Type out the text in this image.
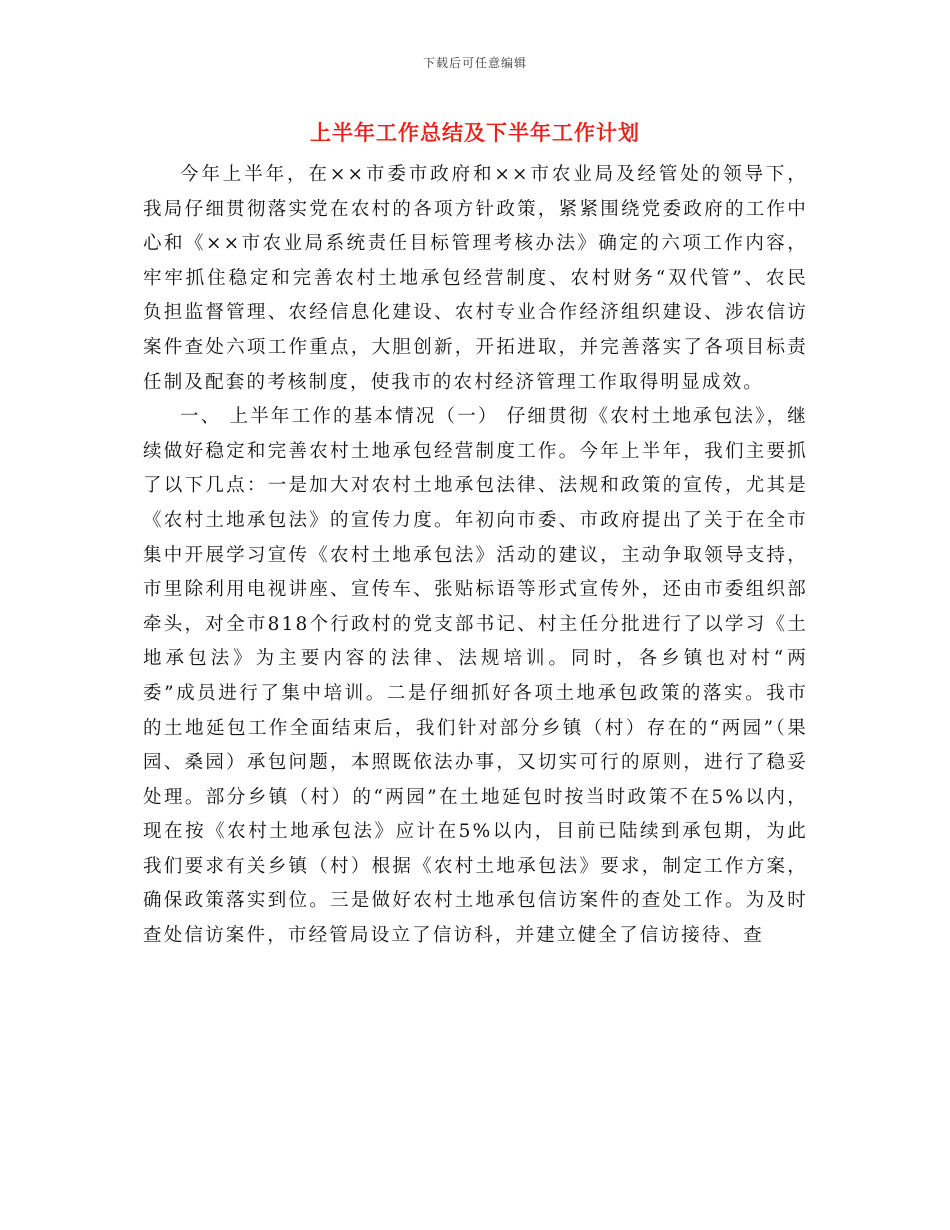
下载后可任意编辑
上半年工作总结及下半年工作计划

今年上半年，在××市委市政府和××市农业局及经管处的领导下，我局仔细贯彻落实党在农村的各项方针政策，紧紧围绕党委政府的工作中心和《××市农业局系统责任目标管理考核办法》确定的六项工作内容，牢牢抓住稳定和完善农村土地承包经营制度、农村财务“双代管”、农民负担监督管理、农经信息化建设、农村专业合作经济组织建设、涉农信访案件查处六项工作重点，大胆创新，开拓进取，并完善落实了各项目标责任制及配套的考核制度，使我市的农村经济管理工作取得明显成效。

一、 上半年工作的基本情况（一） 仔细贯彻《农村土地承包法》，继续做好稳定和完善农村土地承包经营制度工作。今年上半年，我们主要抓了以下几点：一是加大对农村土地承包法律、法规和政策的宣传，尤其是《农村土地承包法》的宣传力度。年初向市委、市政府提出了关于在全市集中开展学习宣传《农村土地承包法》活动的建议，主动争取领导支持，市里除利用电视讲座、宣传车、张贴标语等形式宣传外，还由市委组织部牵头，对全市818个行政村的党支部书记、村主任分批进行了以学习《土地承包法》为主要内容的法律、法规培训。同时，各乡镇也对村“两委”成员进行了集中培训。二是仔细抓好各项土地承包政策的落实。我市的土地延包工作全面结束后，我们针对部分乡镇（村）存在的“两园”（果园、桑园）承包问题，本照既依法办事，又切实可行的原则，进行了稳妥处理。部分乡镇（村）的“两园”在土地延包时按当时政策不在5%以内，现在按《农村土地承包法》应计在5%以内，目前已陆续到承包期，为此我们要求有关乡镇（村）根据《农村土地承包法》要求，制定工作方案，确保政策落实到位。三是做好农村土地承包信访案件的查处工作。为及时查处信访案件，市经管局设立了信访科，并建立健全了信访接待、查
